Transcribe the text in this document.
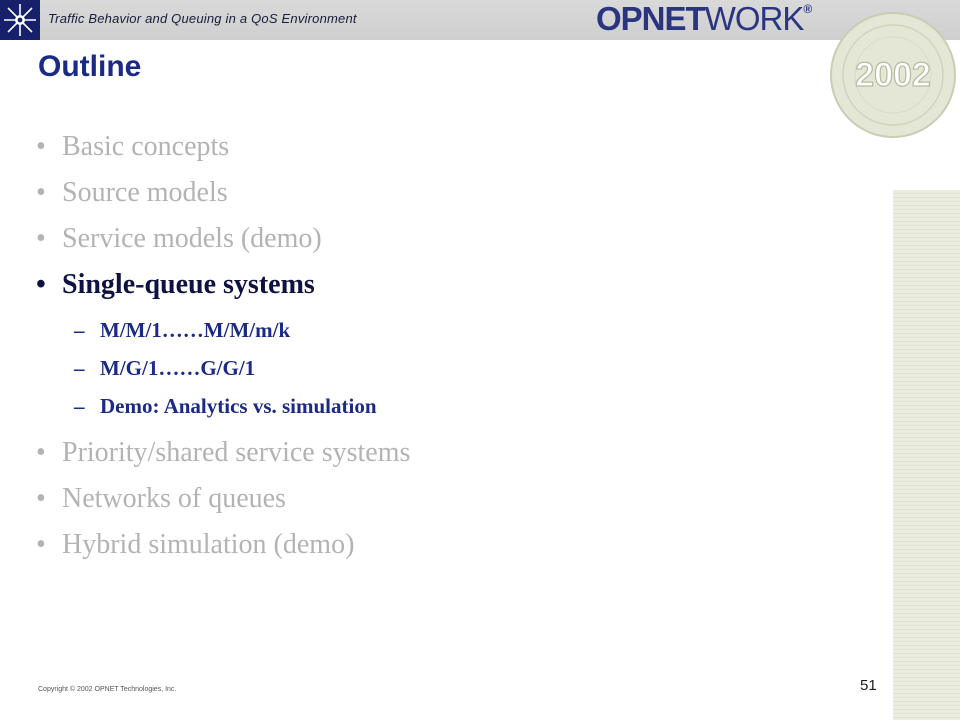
Traffic Behavior and Queuing in a QoS Environment	OPNETWORK®
2002
Outline
• Basic concepts
• Source models
• Service models (demo)
• Single-queue systems
– M/M/1……M/M/m/k
– M/G/1……G/G/1
– Demo: Analytics vs. simulation
• Priority/shared service systems
• Networks of queues
• Hybrid simulation (demo)
Copyright © 2002 OPNET Technologies, Inc.	51
